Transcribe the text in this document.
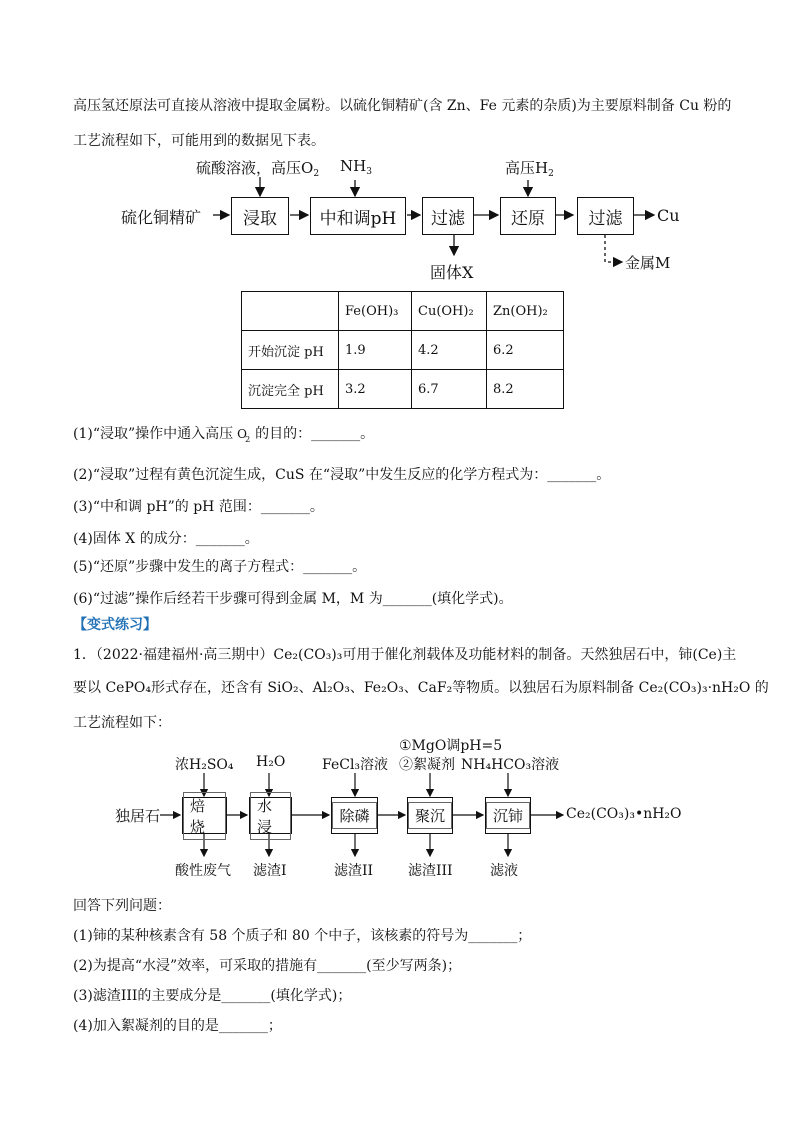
高压氢还原法可直接从溶液中提取金属粉。以硫化铜精矿(含 Zn、Fe 元素的杂质)为主要原料制备 Cu 粉的
工艺流程如下，可能用到的数据见下表。
硫酸溶液，高压$O_2$ $NH_3$	高压$H_2$
硫化铜精矿	浸取	中和调pH	过滤	还原	过滤	Cu
固体X	金属M
	Fe(OH)₃	Cu(OH)₂	Zn(OH)₂
开始沉淀 pH	1.9	4.2	6.2
沉淀完全 pH	3.2	6.7	8.2
(1)“浸取”操作中通入高压 O
2 的目的：_______。
(2)“浸取”过程有黄色沉淀生成，CuS 在“浸取”中发生反应的化学方程式为：_______。
(3)“中和调 pH”的 pH 范围：_______。
(4)固体 X 的成分：_______。
(5)“还原”步骤中发生的离子方程式：_______。
(6)“过滤”操作后经若干步骤可得到金属 M，M 为_______(填化学式)。
【变式练习】
1．（2022·福建福州·高三期中）Ce₂(CO₃)₃可用于催化剂载体及功能材料的制备。天然独居石中，铈(Ce)主
要以 CePO₄形式存在，还含有 SiO₂、Al₂O₃、Fe₂O₃、CaF₂等物质。以独居石为原料制备 Ce₂(CO₃)₃·nH₂O 的
工艺流程如下：
浓H₂SO₄ H₂O	FeCl₃溶液
①MgO调pH=5
②絮凝剂 NH₄HCO₃溶液
独居石
焙烧
水浸
除磷	聚沉	沉铈	Ce₂(CO₃)₃•nH₂O
酸性废气 滤渣I	滤渣II 滤渣III	滤液
回答下列问题：
(1)铈的某种核素含有 58 个质子和 80 个中子，该核素的符号为_______；
(2)为提高“水浸”效率，可采取的措施有_______(至少写两条)；
(3)滤渣III的主要成分是_______(填化学式)；
(4)加入絮凝剂的目的是_______；
